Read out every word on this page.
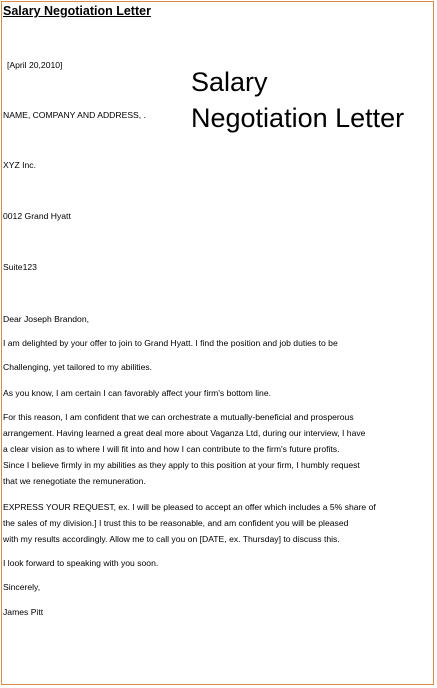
Salary Negotiation Letter
Salary
Negotiation Letter
[April 20,2010]
NAME, COMPANY AND ADDRESS, .
XYZ Inc.
0012 Grand Hyatt
Suite123
Dear Joseph Brandon,
I am delighted by your offer to join to Grand Hyatt. I find the position and job duties to be
Challenging, yet tailored to my abilities.
As you know, I am certain I can favorably affect your firm's bottom line.
For this reason, I am confident that we can orchestrate a mutually-beneficial and prosperous
arrangement. Having learned a great deal more about Vaganza Ltd, during our interview, I have
a clear vision as to where I will fit into and how I can contribute to the firm's future profits.
Since I believe firmly in my abilities as they apply to this position at your firm, I humbly request
that we renegotiate the remuneration.
EXPRESS YOUR REQUEST, ex. I will be pleased to accept an offer which includes a 5% share of
the sales of my division.] I trust this to be reasonable, and am confident you will be pleased
with my results accordingly. Allow me to call you on [DATE, ex. Thursday] to discuss this.
I look forward to speaking with you soon.
Sincerely,
James Pitt
